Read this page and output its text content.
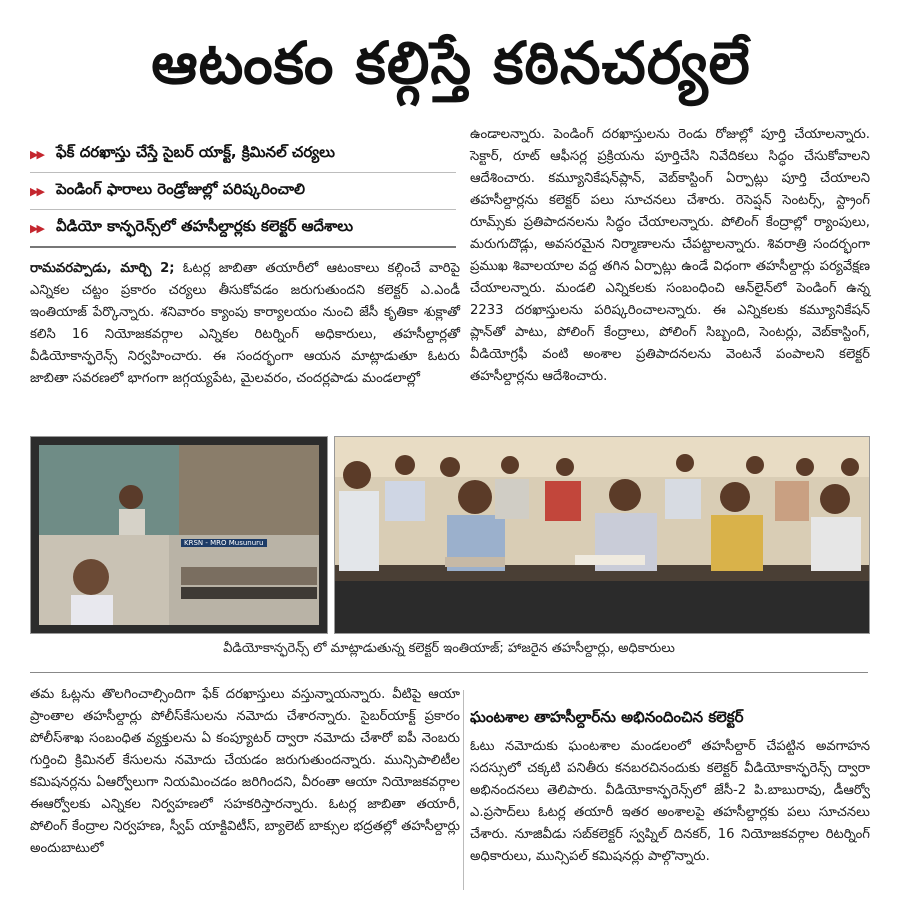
ఆటంకం కల్గిస్తే కఠినచర్యలే
▶▶ ఫేక్ దరఖాస్తు చేస్తే సైబర్ యాక్ట్, క్రిమినల్ చర్యలు
▶▶ పెండింగ్ ఫారాలు రెండ్రోజుల్లో పరిష్కరించాలి
▶▶ వీడియో కాన్ఫరెన్స్‌లో తహసీల్దార్లకు కలెక్టర్ ఆదేశాలు

రామవరప్పాడు, మార్చి 2; ఓటర్ల జాబితా తయారీలో ఆటంకాలు కల్గించే వారిపై ఎన్నికల చట్టం ప్రకారం చర్యలు తీసుకోవడం జరుగుతుందని కలెక్టర్ ఎ.ఎండీ ఇంతియాజ్ పేర్కొన్నారు. శనివారం క్యాంపు కార్యాలయం నుంచి జేసీ కృతికా శుక్లాతో కలిసి 16 నియోజకవర్గాల ఎన్నికల రిటర్నింగ్ అధికారులు, తహసీల్దార్లతో వీడియోకాన్ఫరెన్స్ నిర్వహించారు. ఈ సందర్భంగా ఆయన మాట్లాడుతూ ఓటరు జాబితా సవరణలో భాగంగా జగ్గయ్యపేట, మైలవరం, చందర్లపాడు మండలాల్లో

ఉండాలన్నారు. పెండింగ్ దరఖాస్తులను రెండు రోజుల్లో పూర్తి చేయాలన్నారు. సెక్టార్, రూట్ ఆఫీసర్ల ప్రక్రియను పూర్తిచేసి నివేదికలు సిద్ధం చేసుకోవాలని ఆదేశించారు. కమ్యూనికేషన్‌ప్లాన్, వెబ్‌కాస్టింగ్ ఏర్పాట్లు పూర్తి చేయాలని తహసీల్దార్లను కలెక్టర్ పలు సూచనలు చేశారు. రెసెప్షన్ సెంటర్స్, స్ట్రాంగ్ రూమ్స్‌కు ప్రతిపాదనలను సిద్ధం చేయాలన్నారు. పోలింగ్ కేంద్రాల్లో ర్యాంపులు, మరుగుదొడ్లు, అవసరమైన నిర్మాణాలను చేపట్టాలన్నారు. శివరాత్రి సందర్భంగా ప్రముఖ శివాలయాల వద్ద తగిన ఏర్పాట్లు ఉండే విధంగా తహసీల్దార్లు పర్యవేక్షణ చేయాలన్నారు. మండలి ఎన్నికలకు సంబంధించి ఆన్‌లైన్‌లో పెండింగ్ ఉన్న 2233 దరఖాస్తులను పరిష్కరించాలన్నారు. ఈ ఎన్నికలకు కమ్యూనికేషన్ ప్లాన్‌తో పాటు, పోలింగ్ కేంద్రాలు, పోలింగ్ సిబ్బంది, సెంటర్లు, వెబ్‌కాస్టింగ్, వీడియోగ్రఫీ వంటి అంశాల ప్రతిపాదనలను వెంటనే పంపాలని కలెక్టర్ తహసీల్దార్లను ఆదేశించారు.

KRSN - MRO Musunuru
వీడియోకాన్ఫరెన్స్ లో మాట్లాడుతున్న కలెక్టర్ ఇంతియాజ్; హాజరైన తహసీల్దార్లు, అధికారులు

తమ ఓట్లను తొలగించాల్సిందిగా ఫేక్ దరఖాస్తులు వస్తున్నాయన్నారు. వీటిపై ఆయా ప్రాంతాల తహసీల్దార్లు పోలీస్‌కేసులను నమోదు చేశారన్నారు. సైబర్‌యాక్ట్ ప్రకారం పోలీస్‌శాఖ సంబంధిత వ్యక్తులను ఏ కంప్యూటర్ ద్వారా నమోదు చేశారో ఐపీ నెంబరు గుర్తించి క్రిమినల్ కేసులను నమోదు చేయడం జరుగుతుందన్నారు. మున్సిపాలిటీల కమిషనర్లను ఏఆర్వోలుగా నియమించడం జరిగిందని, వీరంతా ఆయా నియోజకవర్గాల ఈఆర్వోలకు ఎన్నికల నిర్వహణలో సహకరిస్తారన్నారు. ఓటర్ల జాబితా తయారీ, పోలింగ్ కేంద్రాల నిర్వహణ, స్వీప్ యాక్టివిటీస్, బ్యాలెట్ బాక్సుల భద్రతల్లో తహసీల్దార్లు అందుబాటులో

ఘంటశాల తాహసీల్దార్‌ను అభినందించిన కలెక్టర్

ఓటు నమోదుకు ఘంటశాల మండలంలో తహసీల్దార్ చేపట్టిన అవగాహన సదస్సులో చక్కటి పనితీరు కనబరచినందుకు కలెక్టర్ వీడియోకాన్ఫరెన్స్ ద్వారా అభినందనలు తెలిపారు. వీడియోకాన్ఫరెన్స్‌లో జేసీ-2 పి.బాబురావు, డీఆర్వో ఎ.ప్రసాద్‌లు ఓటర్ల తయారీ ఇతర అంశాలపై తహసీల్దార్లకు పలు సూచనలు చేశారు. నూజివీడు సబ్‌కలెక్టర్ స్వప్నిల్ దినకర్, 16 నియోజకవర్గాల రిటర్నింగ్ అధికారులు, మున్సిపల్ కమిషనర్లు పాల్గొన్నారు.
